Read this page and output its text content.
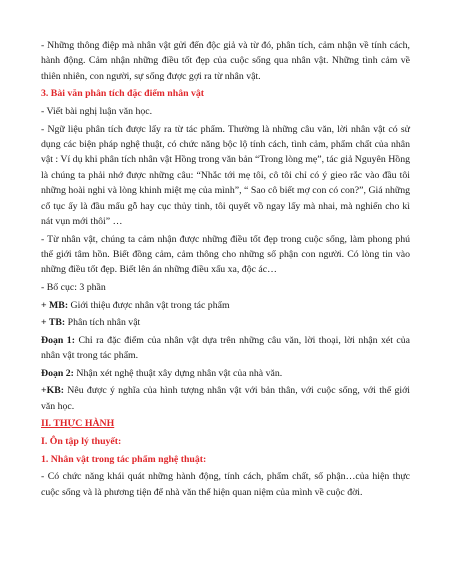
- Những thông điệp mà nhân vật gửi đến độc giả và từ đó, phân tích, cảm nhận về tính cách, hành động. Cảm nhận những điều tốt đẹp của cuộc sống qua nhân vật. Những tình cảm về thiên nhiên, con người, sự sống được gợi ra từ nhân vật.

3. Bài văn phân tích đặc điểm nhân vật

- Viết bài nghị luận văn học.

- Ngữ liệu phân tích được lấy ra từ tác phẩm. Thường là những câu văn, lời nhân vật có sử dụng các biện pháp nghệ thuật, có chức năng bộc lộ tính cách, tình cảm, phẩm chất của nhân vật : Ví dụ khi phân tích nhân vật Hồng trong văn bản “Trong lòng mẹ”, tác giả Nguyên Hồng là chúng ta phải nhớ được những câu: “Nhắc tới mẹ tôi, cô tôi chỉ có ý gieo rắc vào đầu tôi những hoài nghi và lòng khinh miệt mẹ của mình”, “ Sao cô biết mợ con có con?”, Giá những cổ tục ấy là đầu mẩu gỗ hay cục thủy tinh, tôi quyết vồ ngay lấy mà nhai, mà nghiến cho kì nát vụn mới thôi” …

- Từ nhân vật, chúng ta cảm nhận được những điều tốt đẹp trong cuộc sống, làm phong phú thế giới tâm hồn. Biết đồng cảm, cảm thông cho những số phận con người. Có lòng tin vào những điều tốt đẹp. Biết lên án những điều xấu xa, độc ác…

- Bố cục: 3 phần

+ MB: Giới thiệu được nhân vật trong tác phẩm

+ TB: Phân tích nhân vật

Đoạn 1: Chỉ ra đặc điểm của nhân vật dựa trên những câu văn, lời thoại, lời nhận xét của nhân vật trong tác phẩm.

Đoạn 2: Nhận xét nghệ thuật xây dựng nhân vật của nhà văn.

+KB: Nêu được ý nghĩa của hình tượng nhân vật với bản thân, với cuộc sống, với thế giới văn học.

II. THỰC HÀNH

I. Ôn tập lý thuyết:

1. Nhân vật trong tác phẩm nghệ thuật:

- Có chức năng khái quát những hành động, tính cách, phẩm chất, số phận…của hiện thực cuộc sống và là phương tiện để nhà văn thể hiện quan niệm của mình về cuộc đời.
